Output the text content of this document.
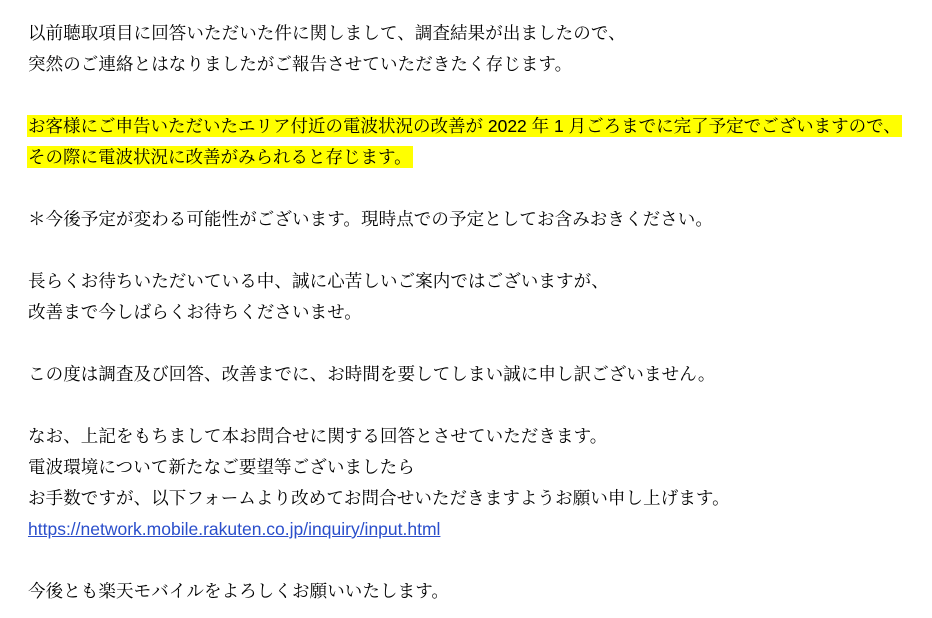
以前聴取項目に回答いただいた件に関しまして、調査結果が出ましたので、
突然のご連絡とはなりましたがご報告させていただきたく存じます。
お客様にご申告いただいたエリア付近の電波状況の改善が 2022 年 1 月ごろまでに完了予定でございますので、
その際に電波状況に改善がみられると存じます。
＊今後予定が変わる可能性がございます。現時点での予定としてお含みおきください。
長らくお待ちいただいている中、誠に心苦しいご案内ではございますが、
改善まで今しばらくお待ちくださいませ。
この度は調査及び回答、改善までに、お時間を要してしまい誠に申し訳ございません。
なお、上記をもちまして本お問合せに関する回答とさせていただきます。
電波環境について新たなご要望等ございましたら
お手数ですが、以下フォームより改めてお問合せいただきますようお願い申し上げます。
https://network.mobile.rakuten.co.jp/inquiry/input.html
今後とも楽天モバイルをよろしくお願いいたします。
